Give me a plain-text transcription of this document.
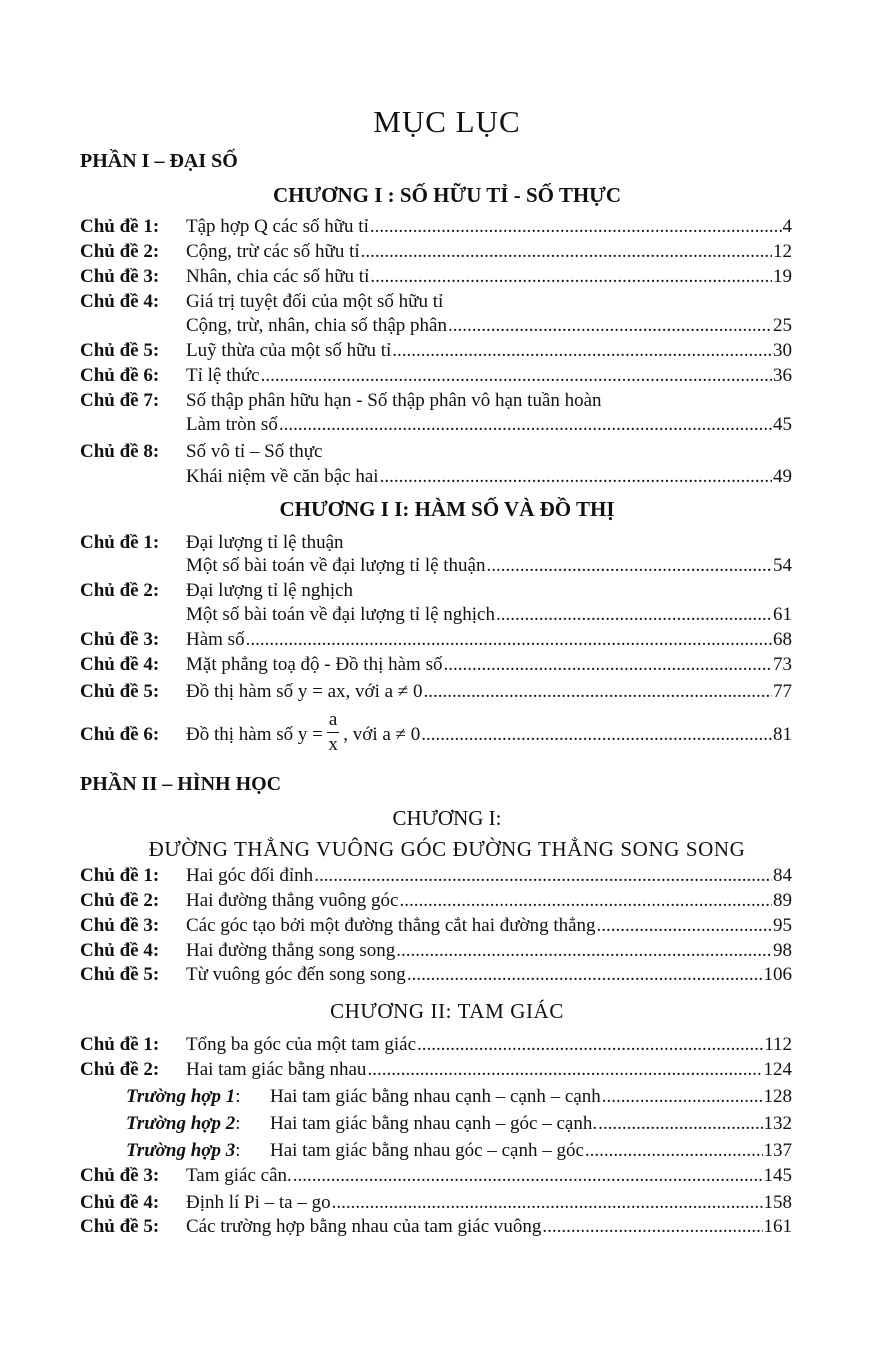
MỤC LỤC
PHẦN I – ĐẠI SỐ
CHƯƠNG I : SỐ HỮU TỈ - SỐ THỰC
Chủ đề 1: Tập hợp Q các số hữu tỉ .....	4
Chủ đề 2: Cộng, trừ các số hữu tỉ .....	12
Chủ đề 3: Nhân, chia các số hữu tỉ .....	19
Chủ đề 4: Giá trị tuyệt đối của một số hữu tỉ
Cộng, trừ, nhân, chia số thập phân .....	25
Chủ đề 5: Luỹ thừa của một số hữu tỉ .....	30
Chủ đề 6: Tỉ lệ thức .....	36
Chủ đề 7: Số thập phân hữu hạn - Số thập phân vô hạn tuần hoàn
Làm tròn số .....	45
Chủ đề 8: Số vô tỉ – Số thực
Khái niệm về căn bậc hai .....	49
CHƯƠNG I I: HÀM SỐ VÀ ĐỒ THỊ
Chủ đề 1: Đại lượng tỉ lệ thuận
Một số bài toán về đại lượng tỉ lệ thuận .....	54
Chủ đề 2: Đại lượng tỉ lệ nghịch
Một số bài toán về đại lượng tỉ lệ nghịch .....	61
Chủ đề 3: Hàm số .....	68
Chủ đề 4: Mặt phẳng toạ độ - Đồ thị hàm số .....	73
Chủ đề 5: Đồ thị hàm số y = ax, với a ≠ 0 .....	77
Chủ đề 6: Đồ thị hàm số $y = \frac{a}{x}$ , với a ≠ 0 .....	81
PHẦN II – HÌNH HỌC
CHƯƠNG I:
ĐƯỜNG THẲNG VUÔNG GÓC ĐƯỜNG THẲNG SONG SONG
Chủ đề 1: Hai góc đối đỉnh .....	84
Chủ đề 2: Hai đường thẳng vuông góc .....	89
Chủ đề 3: Các góc tạo bởi một đường thẳng cắt hai đường thẳng .....	95
Chủ đề 4: Hai đường thẳng song song .....	98
Chủ đề 5: Từ vuông góc đến song song .....	106
CHƯƠNG II: TAM GIÁC
Chủ đề 1: Tổng ba góc của một tam giác .....	112
Chủ đề 2: Hai tam giác bằng nhau .....	124
Trường hợp 1: Hai tam giác bằng nhau cạnh – cạnh – cạnh .....	128
Trường hợp 2: Hai tam giác bằng nhau cạnh – góc – cạnh. .....	132
Trường hợp 3: Hai tam giác bằng nhau góc – cạnh – góc .....	137
Chủ đề 3: Tam giác cân. .....	145
Chủ đề 4: Định lí Pi – ta – go .....	158
Chủ đề 5: Các trường hợp bằng nhau của tam giác vuông .....	161
